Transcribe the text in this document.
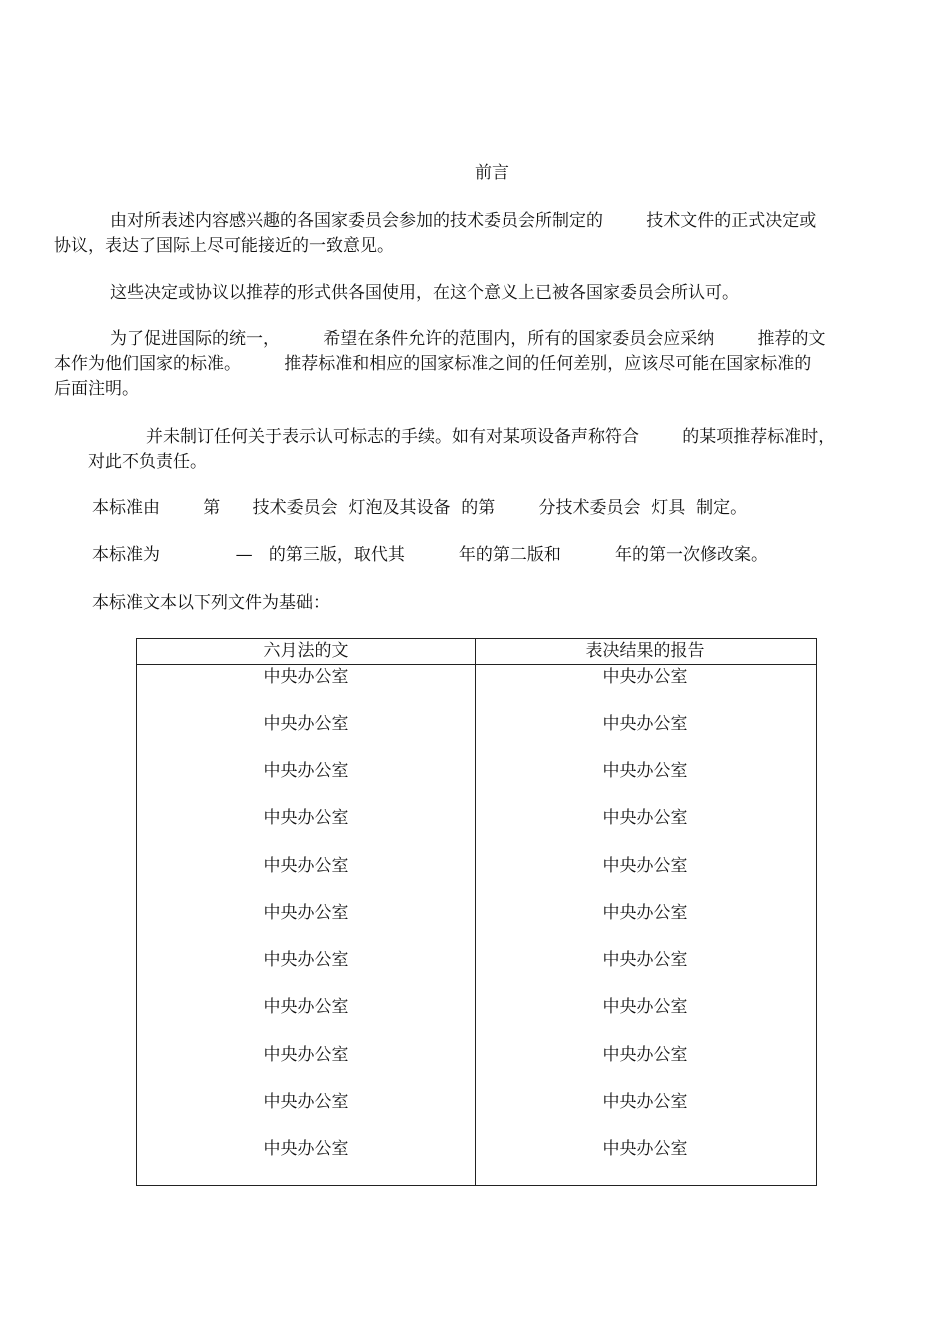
前言
由对所表述内容感兴趣的各国家委员会参加的技术委员会所制定的        技术文件的正式决定或
协议，表达了国际上尽可能接近的一致意见。
这些决定或协议以推荐的形式供各国使用，在这个意义上已被各国家委员会所认可。
为了促进国际的统一，        希望在条件允许的范围内，所有的国家委员会应采纳        推荐的文
本作为他们国家的标准。        推荐标准和相应的国家标准之间的任何差别，应该尽可能在国家标准的
后面注明。
并未制订任何关于表示认可标志的手续。如有对某项设备声称符合        的某项推荐标准时，
对此不负责任。
本标准由        第      技术委员会  灯泡及其设备  的第        分技术委员会  灯具  制定。
本标准为              —   的第三版，取代其          年的第二版和          年的第一次修改案。
本标准文本以下列文件为基础：
六月法的文	表决结果的报告
中央办公室	中央办公室
中央办公室	中央办公室
中央办公室	中央办公室
中央办公室	中央办公室
中央办公室	中央办公室
中央办公室	中央办公室
中央办公室	中央办公室
中央办公室	中央办公室
中央办公室	中央办公室
中央办公室	中央办公室
中央办公室	中央办公室
